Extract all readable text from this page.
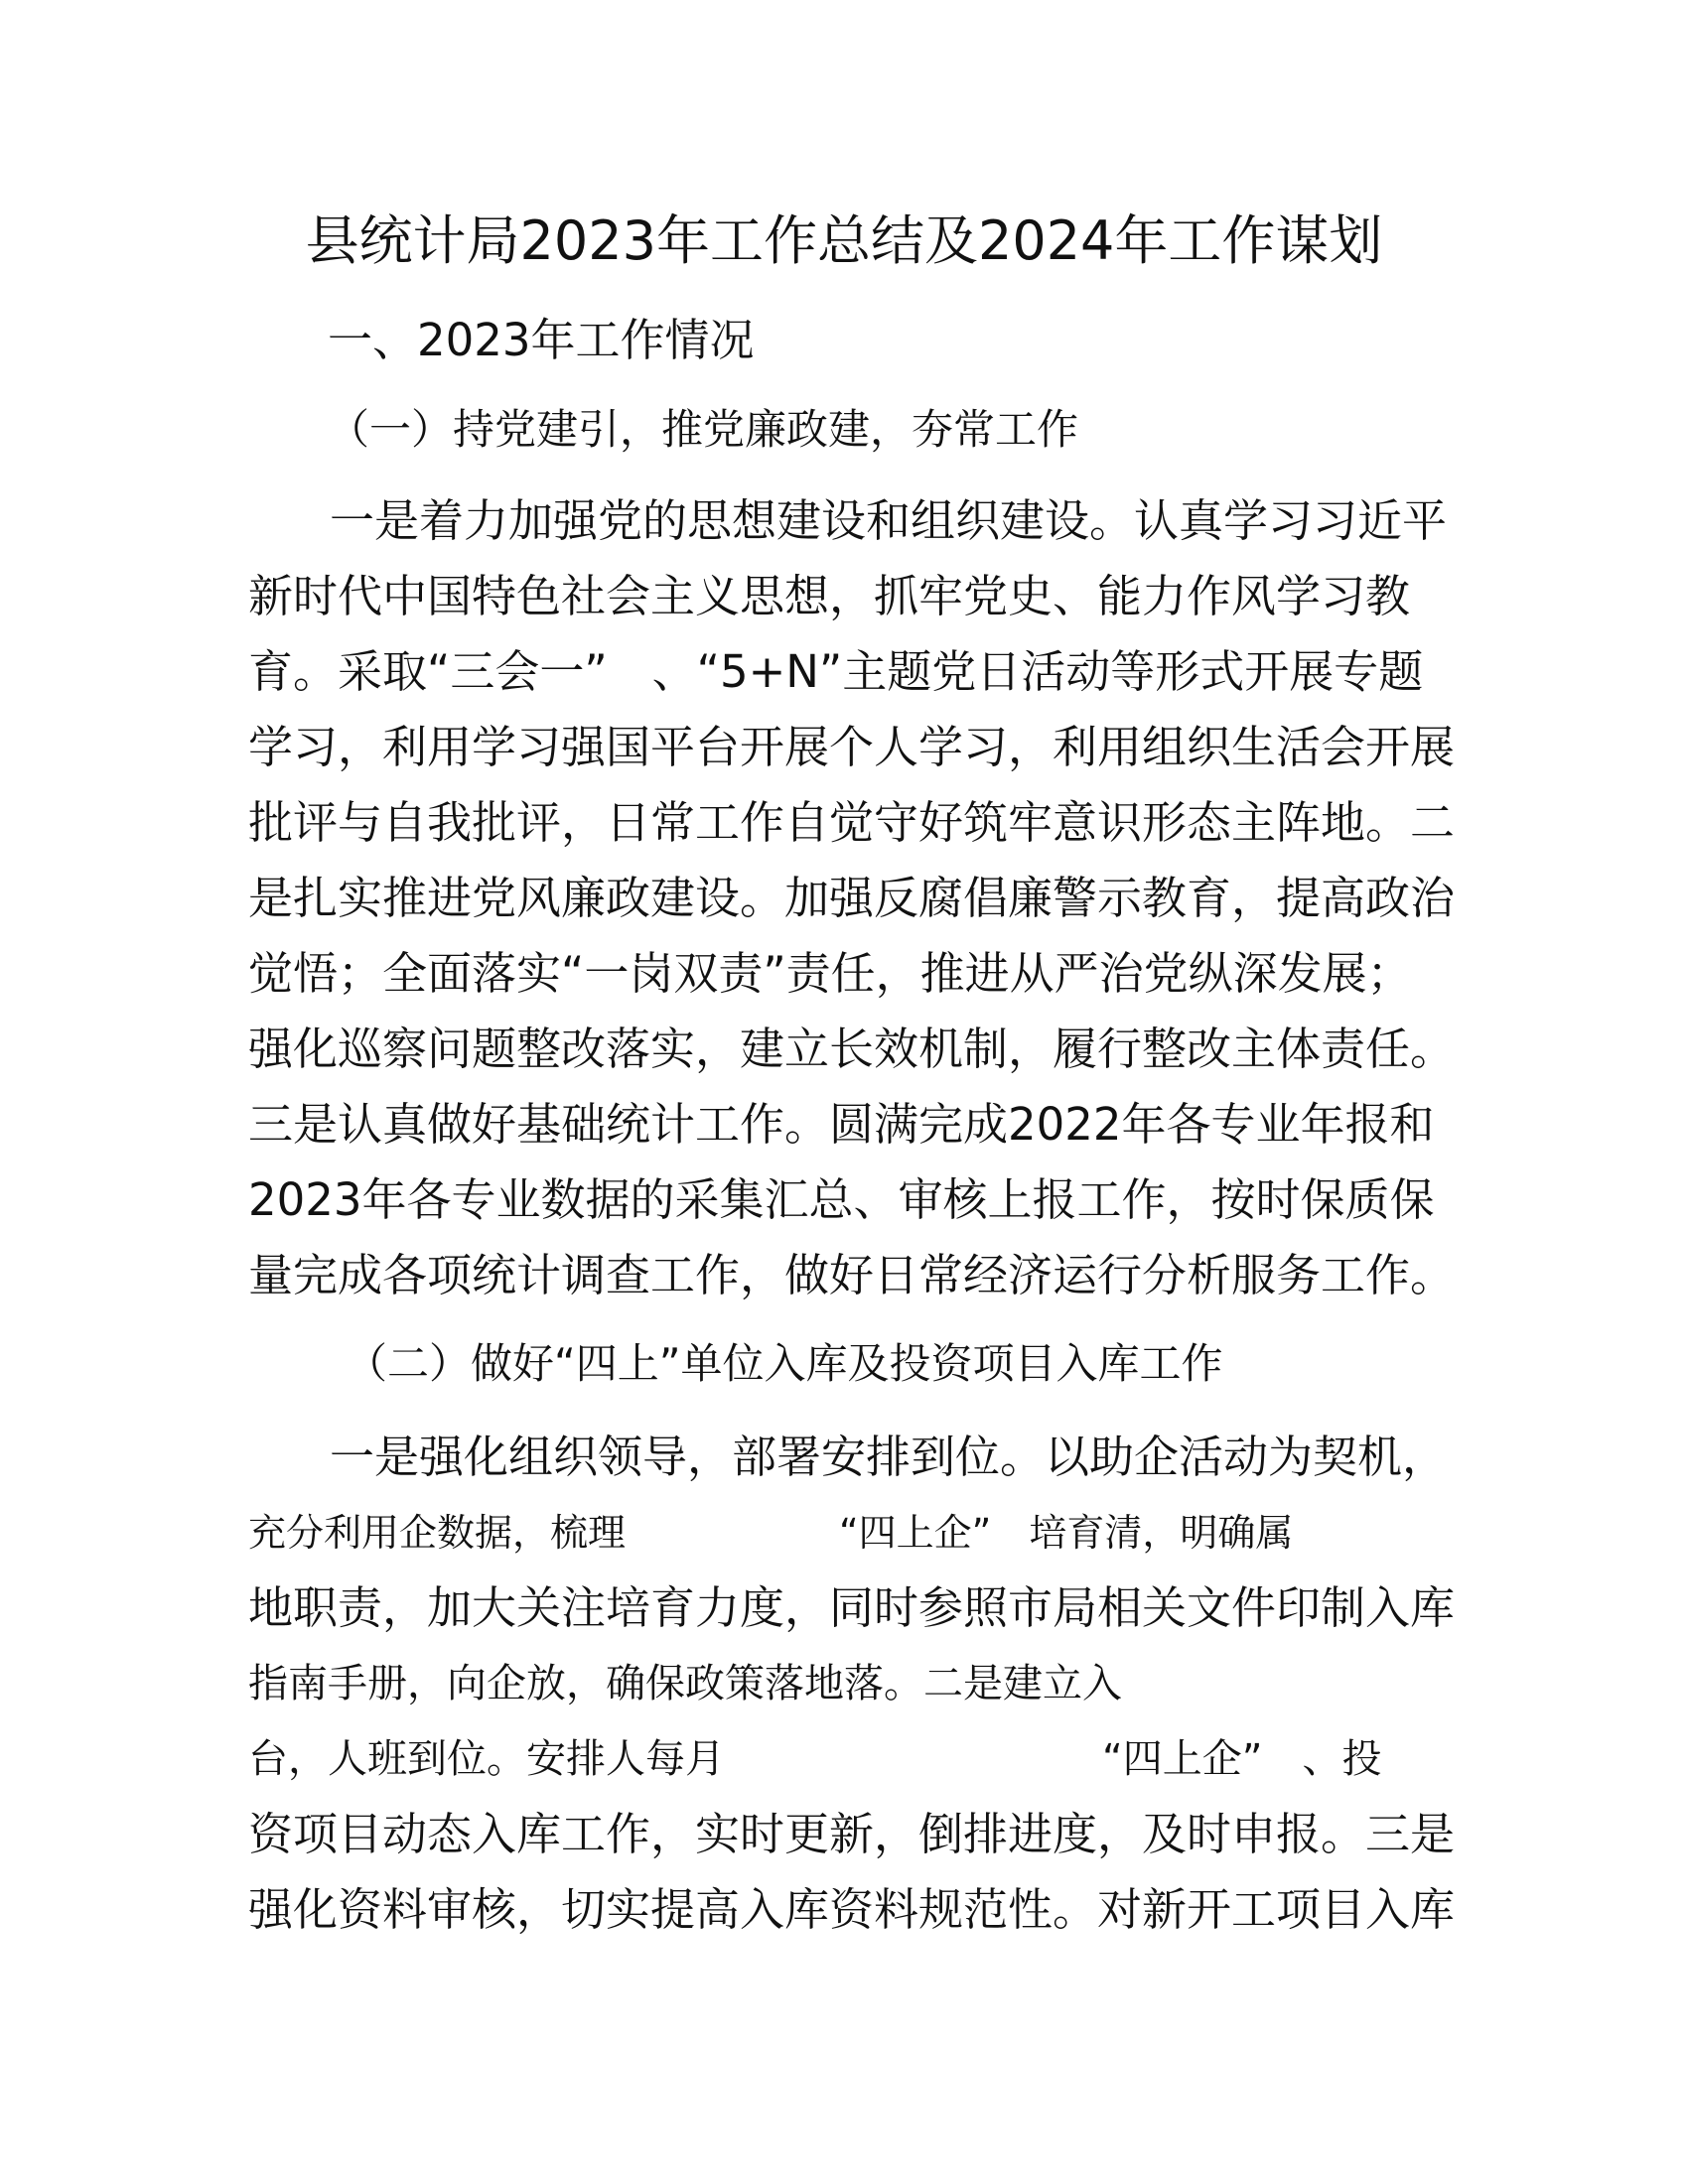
县统计局2023年工作总结及2024年工作谋划
一、2023年工作情况
（一）持党建引，推党廉政建，夯常工作
一是着力加强党的思想建设和组织建设。认真学习习近平
新时代中国特色社会主义思想，抓牢党史、能力作风学习教
育。采取“三会一”　、“5+N”主题党日活动等形式开展专题
学习，利用学习强国平台开展个人学习，利用组织生活会开展
批评与自我批评，日常工作自觉守好筑牢意识形态主阵地。二
是扎实推进党风廉政建设。加强反腐倡廉警示教育，提高政治
觉悟；全面落实“一岗双责”责任，推进从严治党纵深发展；
强化巡察问题整改落实，建立长效机制，履行整改主体责任。
三是认真做好基础统计工作。圆满完成2022年各专业年报和
2023年各专业数据的采集汇总、审核上报工作，按时保质保
量完成各项统计调查工作，做好日常经济运行分析服务工作。
（二）做好“四上”单位入库及投资项目入库工作
一是强化组织领导，部署安排到位。以助企活动为契机，
充分利用企数据，梳理	“四上企”　培育清，明确属
地职责，加大关注培育力度，同时参照市局相关文件印制入库
指南手册，向企放，确保政策落地落。二是建立入
台，人班到位。安排人每月	“四上企”　、投
资项目动态入库工作，实时更新，倒排进度，及时申报。三是
强化资料审核，切实提高入库资料规范性。对新开工项目入库
